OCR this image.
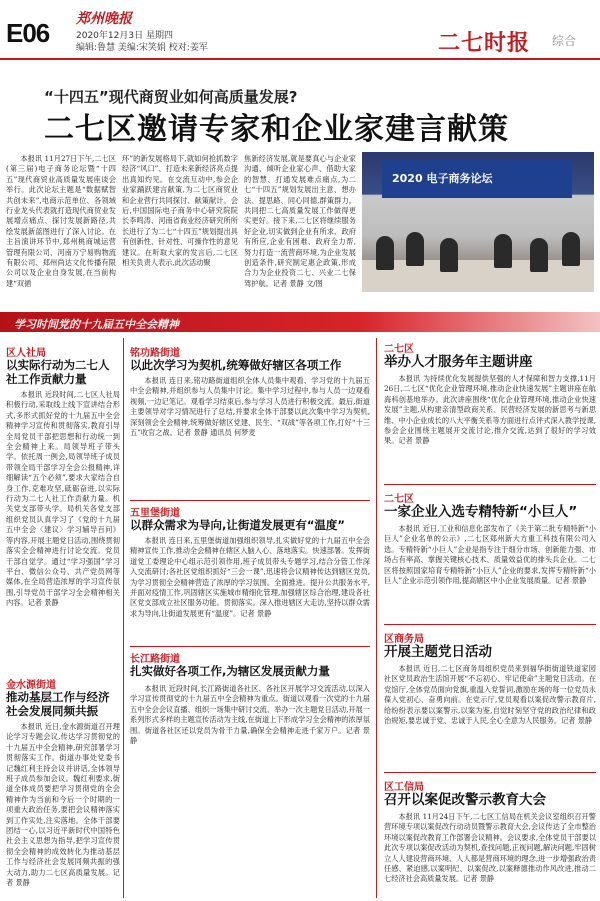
E06 郑州晚报
2020年12月3日 星期四
编辑:鲁慧 美编:宋笑娟 校对:姜军	二七时报 综合
“十四五”现代商贸业如何高质量发展?
二七区邀请专家和企业家建言献策
本报讯 11月27日下午,二七区(第三届)电子商务论坛暨“十四五”现代商贸业高质量发展座谈会举行。此次论坛主题是“数据赋智 共创未来”,电商示范单位、各领域行业龙头代表就打造现代商贸业发展增点痛点、探讨发展新路径,共绘发展新蓝图进行了深入讨论。在主旨演讲环节中,郑州桃商城运营管理有限公司、河南万宁易购物流有限公司、郑州尚达文化传播有限公司以及企业自身发展,在当前构建“双循
环”的新发展格局下,就如何抢抓数字经济“风口”、打造未来新经济亮点提出真知灼见。在交流互动中,参会企业家踊跃建言献策,为二七区商贸业和企业营行共同探讨、献策献计。会后,中国国际电子商务中心研究院院长李鸣涛、河南省商业经济研究所所长进行了为二七“十四五”规划提出具有创新性、针对性、可操作性的意见建议。在听取大家的发言后,二七区相关负责人表示,此次活动聚
焦新经济发展,就是要真心与企业家沟通、倾听企业家心声、借助大家的智慧、打通发展难点痛点,为二七“十四五”规划发展出主意、想办法、提思路、同心同德,群策群力。共同把二七高质量发展工作做得更实更好。接下来,二七区将继续服务好企业,切实做到企业有所求、政府有所应,企业有困难、政府全力帮,努力打造一流营商环境,为企业发展创造条件,研究制定惠企政策,形成合力为企业投资二七、兴业二七保驾护航。记者 景静 文/图
2020 电子商务论坛
学习时间党的十九届五中全会精神
区人社局
以实际行动为二七人社工作贡献力量
本报讯 近段时间,二七区人社局积极行动,采取线上线下宣讲结合形式,多形式抓好党的十九届五中全会精神学习宣传和贯彻落实,教育引导全局党员干部把思想和行动统一到全会精神上来。局领导班子带头学。依托周一例会,局领导班子成员带领全局干部学习全会公报精神,详细解读“五个必须”,要求大家结合自身工作,克难攻坚,砥砺奋进,以实际行动为二七人社工作贡献力量。机关党支部带头学。局机关各党支部组织党员认真学习了《党的十九届五中全会〈建议〉学习辅导百问》等内容,开展主题党日活动,围绕贯彻落实全会精神进行讨论交流。党员干部自觉学。通过“学习强国”学习平台、微信公众号、共产党员网等媒体,在全局营造浓厚的学习宣传氛围,引导党员干部学习全会精神相关内容。记者 景静
金水源街道
推动基层工作与经济社会发展同频共振
本报讯 近日,金水源街道召开理论学习专题会议,传达学习贯彻党的十九届五中全会精神,研究部署学习贯彻落实工作。街道办事处党委书记魏红利主持会议并讲话,全体领导班子成员参加会议。魏红利要求,街道全体成员要把学习贯彻党的全会精神作为当前和今后一个时期的一项重大政治任务,要把会议精神落实到工作实处,注实落地。全体干部要团结一心,以习近平新时代中国特色社会主义思想为指导,把学习宣传贯彻全会精神的成效转化为推动基层工作与经济社会发展同频共振的强大动力,助力二七区高质量发展。记者 景静
铭功路街道
以此次学习为契机,统筹做好辖区各项工作
本报讯 连日来,铭功路街道组织全体人员集中观看、学习党的十九届五中全会精神,并组织参与人员集中讨论。集中学习过程中,参与人员一边观看视频,一边记笔记。观看学习结束后,参与学习人员进行积极交流。最后,街道主要领导对学习情况进行了总结,并要求全体干部要以此次集中学习为契机,深刻领会全会精神,统筹做好辖区党建、民生、“双战”等各项工作,打好“十三五”收官之战。记者 景静 通讯员 何梦麦
五里堡街道
以群众需求为导向,让街道发展更有“温度”
本报讯 连日来,五里堡街道加强组织领导,扎实做好党的十九届五中全会精神宣传工作,推动全会精神在辖区入脑入心、落地落实。快速部署。发挥街道党工委理论中心组示范引领作用,班子成员带头专题学习,结合分管工作深入交流研讨;各社区党组织抓好“三会一课”,迅速将会议精神传达到辖区党员,为学习贯彻全会精神营造了浓厚的学习氛围。全面推进。提升公共服务水平,并面对疫情工作,巩固辖区实施城市精细化管理,加强辖区综合治理,建设各社区党支部成立社区服务功能。贯彻落实。深入推进辖区大走访,坚持以群众需求为导向,让街道发展更有“温度”。记者 景静
长江路街道
扎实做好各项工作,为辖区发展贡献力量
本报讯 近段时间,长江路街道各社区、各社区开展学习交流活动,以深入学习宣传贯彻党的十九届五中全会精神为重点。街道以观看一次党的十九届五中全会会议直播、组织一场集中研讨交流、举办一次主题党日活动,开展一系列形式多样的主题宣传活动为主线,在街道上下形成学习全会精神的浓厚氛围。街道各社区还以党员为骨干力量,确保全会精神走进千家万户。记者 景静
二七区
举办人才服务年主题讲座
本报讯 为持续优化发展提供坚强的人才保障和智力支撑,11月26日,二七区“优化企业管理环境,推动企业快速发展”主题讲座在航海科创基地举办。此次讲座围绕“优化企业管理环境,推动企业快速发展”主题,从构建亲清型政商关系、民营经济发展的新思考与新思维、中小企业成长的八大平衡关系等方面进行点评式深入教学授课,参会企业围绕主题展开交流讨论,推介交流,达到了很好的学习效果。记者 景静
二七区
一家企业入选专精特新“小巨人”
本报讯 近日,工业和信息化部发布了《关于第二批专精特新“小巨人”企业名单的公示》,二七区郑州新大方重工科技有限公司入选。专精特新“小巨人”企业是指专注于细分市场、创新能力强、市场占有率高、掌握关键核心技术、质量效益优的排头兵企业。二七区将按照国家培育专精特新“小巨人”企业的要求,发挥专精特新“小巨人”企业示范引领作用,提高辖区中小企业发展质量。记者 景静
区商务局
开展主题党日活动
本报讯 近日,二七区商务局组织党员来到福华街街道铁道家园社区党员政治生活馆开展“不忘初心、牢记使命”主题党日活动。在党馆厅,全体党员面向党旗,重温入党誓词,激励在场的每一位党员永葆入党初心、奋勇向前。在党示厅,党员观看以案促改警示教育片,给纷纷表示要以案警示,以案为鉴,自觉时刻坚守党的政治纪律和政治规矩,要忠诚于党、忠诚于人民,全心全意为人民服务。记者 景静
区工信局
召开以案促改警示教育大会
本报讯 11月24日下午,二七区工信局在机关会议室组织召开警营环境专项以案促改行动动员暨警示教育大会,会议传达了全市整治环境以案促改教育工作部署会议精神。会议要求,全体党员干部要以此次专项以案促改活动为契机,查找问题,正视问题,解决问题,牢固树立人人建设营商环境、人人都是营商环境的理念,进一步增强政治责任感、紧迫感,以案明纪、以案促改,以案释德推动作风改进,推动二七经济社会高质量发展。记者 景静
